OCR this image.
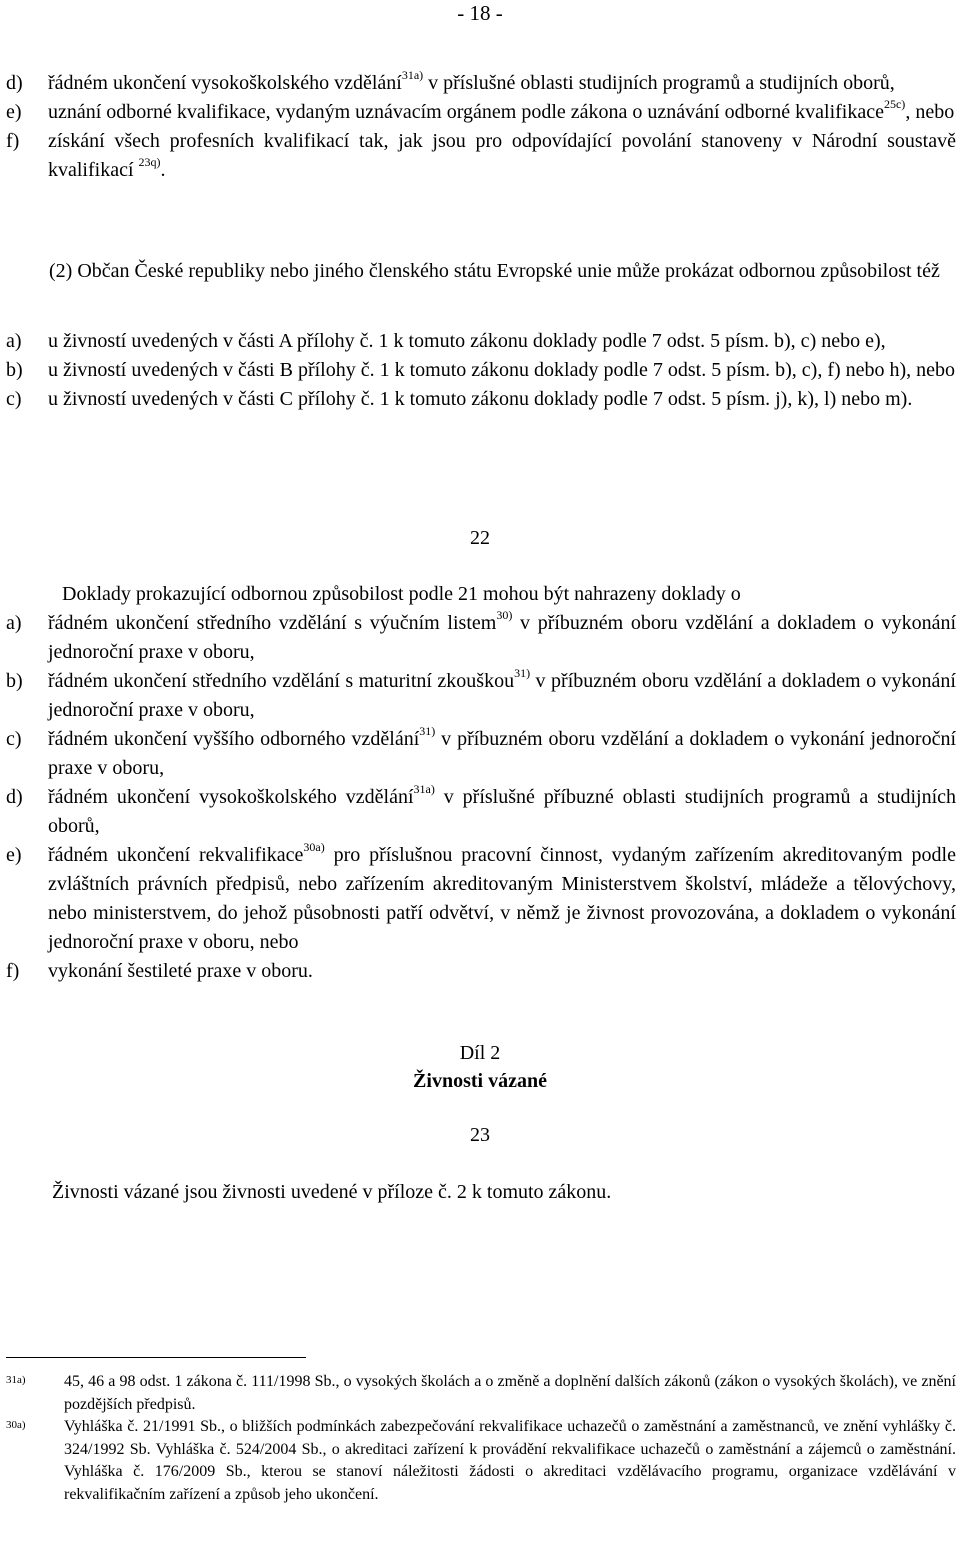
- 18 -
d)	řádném ukončení vysokoškolského vzdělání$^{31a)}$ v příslušné oblasti studijních programů a studijních oborů,
e)	uznání odborné kvalifikace, vydaným uznávacím orgánem podle zákona o uznávání odborné kvalifikace$^{25c)}$, nebo
f)	získání všech profesních kvalifikací tak, jak jsou pro odpovídající povolání stanoveny v Národní soustavě kvalifikací $^{23q)}$.
(2) Občan České republiky nebo jiného členského státu Evropské unie může prokázat odbornou způsobilost též
a)	u živností uvedených v části A přílohy č. 1 k tomuto zákonu doklady podle 7 odst. 5 písm. b), c) nebo e),
b)	u živností uvedených v části B přílohy č. 1 k tomuto zákonu doklady podle 7 odst. 5 písm. b), c), f) nebo h), nebo
c)	u živností uvedených v části C přílohy č. 1 k tomuto zákonu doklady podle 7 odst. 5 písm. j), k), l) nebo m).
22
Doklady prokazující odbornou způsobilost podle 21 mohou být nahrazeny doklady o
a)	řádném ukončení středního vzdělání s výučním listem$^{30)}$ v příbuzném oboru vzdělání a dokladem o vykonání jednoroční praxe v oboru,
b)	řádném ukončení středního vzdělání s maturitní zkouškou$^{31)}$ v příbuzném oboru vzdělání a dokladem o vykonání jednoroční praxe v oboru,
c)	řádném ukončení vyššího odborného vzdělání$^{31)}$ v příbuzném oboru vzdělání a dokladem o vykonání jednoroční praxe v oboru,
d)	řádném ukončení vysokoškolského vzdělání$^{31a)}$ v příslušné příbuzné oblasti studijních programů a studijních oborů,
e)	řádném ukončení rekvalifikace$^{30a)}$ pro příslušnou pracovní činnost, vydaným zařízením akreditovaným podle zvláštních právních předpisů, nebo zařízením akreditovaným Ministerstvem školství, mládeže a tělovýchovy, nebo ministerstvem, do jehož působnosti patří odvětví, v němž je živnost provozována, a dokladem o vykonání jednoroční praxe v oboru, nebo
f)	vykonání šestileté praxe v oboru.
Díl 2
Živnosti vázané
23
Živnosti vázané jsou živnosti uvedené v příloze č. 2 k tomuto zákonu.
31a)	45, 46 a 98 odst. 1 zákona č. 111/1998 Sb., o vysokých školách a o změně a doplnění dalších zákonů (zákon o vysokých školách), ve znění pozdějších předpisů.
30a)	Vyhláška č. 21/1991 Sb., o bližších podmínkách zabezpečování rekvalifikace uchazečů o zaměstnání a zaměstnanců, ve znění vyhlášky č. 324/1992 Sb. Vyhláška č. 524/2004 Sb., o akreditaci zařízení k provádění rekvalifikace uchazečů o zaměstnání a zájemců o zaměstnání. Vyhláška č. 176/2009 Sb., kterou se stanoví náležitosti žádosti o akreditaci vzdělávacího programu, organizace vzdělávání v rekvalifikačním zařízení a způsob jeho ukončení.
